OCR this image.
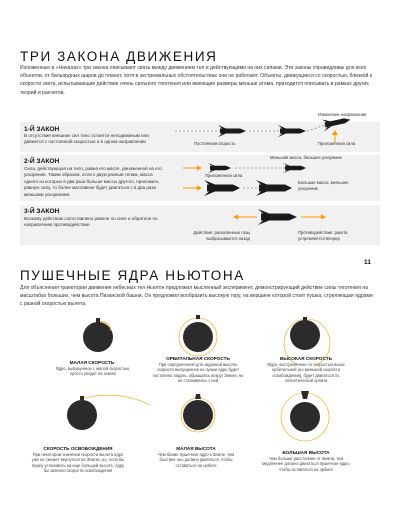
ТРИ ЗАКОНА ДВИЖЕНИЯ
Изложенные в «Началах» три закона описывают связь между движением тел и действующими на них силами. Эти законы справедливы для всех объектов, от бильярдных шаров до планет, хотя в экстремальных обстоятельствах они не работают. Объекты, движущиеся со скоростью, близкой к скорости света, испытывающие действие очень сильного тяготения или имеющие размеры меньше атома, приходится описывать в рамках других теорий и расчетов.
1-Й ЗАКОН
В отсутствие внешних сил тело остается неподвижным или движется с постоянной скоростью и в одном направлении	Постоянная скорость
Изменение направления
Приложенная сила
2-Й ЗАКОН
Сила, действующая на тело, равна его массе, умноженной на его ускорение. Таким образом, если к двум разным телам, масса одного из которых в два раза больше массы другого, приложить равную силу, то более массивное будет двигаться с в два раза меньшим ускорением
Меньшая масса, большее ускорение
Приложенная сила
Большая масса, меньшее ускорение
3-Й ЗАКОН
Всякому действию сопоставлено равное по силе и обратное по направлению противодействие
Действие: раскаленные газы выбрасываются назад
Противодействие: ракета устремляется вперед
11
ПУШЕЧНЫЕ ЯДРА НЬЮТОНА
Для объяснения траектории движения небесных тел Ньютон предложил мысленный эксперимент, демонстрирующий действие силы тяготения на масштабах больших, чем высота Пизанской башни. Он предложил вообразить высокую гору, на вершине которой стоит пушка, стреляющая ядрами с разной скоростью вылета.
МАЛАЯ СКОРОСТЬ
Ядро, выпущенное с малой скоростью, просто упадет на землю
ОРБИТАЛЬНАЯ СКОРОСТЬ
При определенной для заданной высоты скорости выпущенное из пушки ядро будет постоянно падать, обращаясь вокруг Земли, но не сталкиваясь с ней
ВЫСОКАЯ СКОРОСТЬ
Ядро, выстреленное со скоростью выше орбитальной (но меньшей скорости освобождения), будет двигаться по эллиптической орбите
СКОРОСТЬ ОСВОБОЖДЕНИЯ
При некотором значении скорости вылета ядро уже не сможет вернуться на Землю, но, если бы пушку установить на еще большей высоте, ядру бы хватило скорости освобождения
МАЛАЯ ВЫСОТА
Чем ближе пушечное ядро к Земле, тем быстрее оно должно двигаться, чтобы оставаться на орбите
БОЛЬШАЯ ВЫСОТА
Чем больше расстояние от Земли, тем медленнее должно двигаться пушечное ядро, чтобы оставаться на орбите
